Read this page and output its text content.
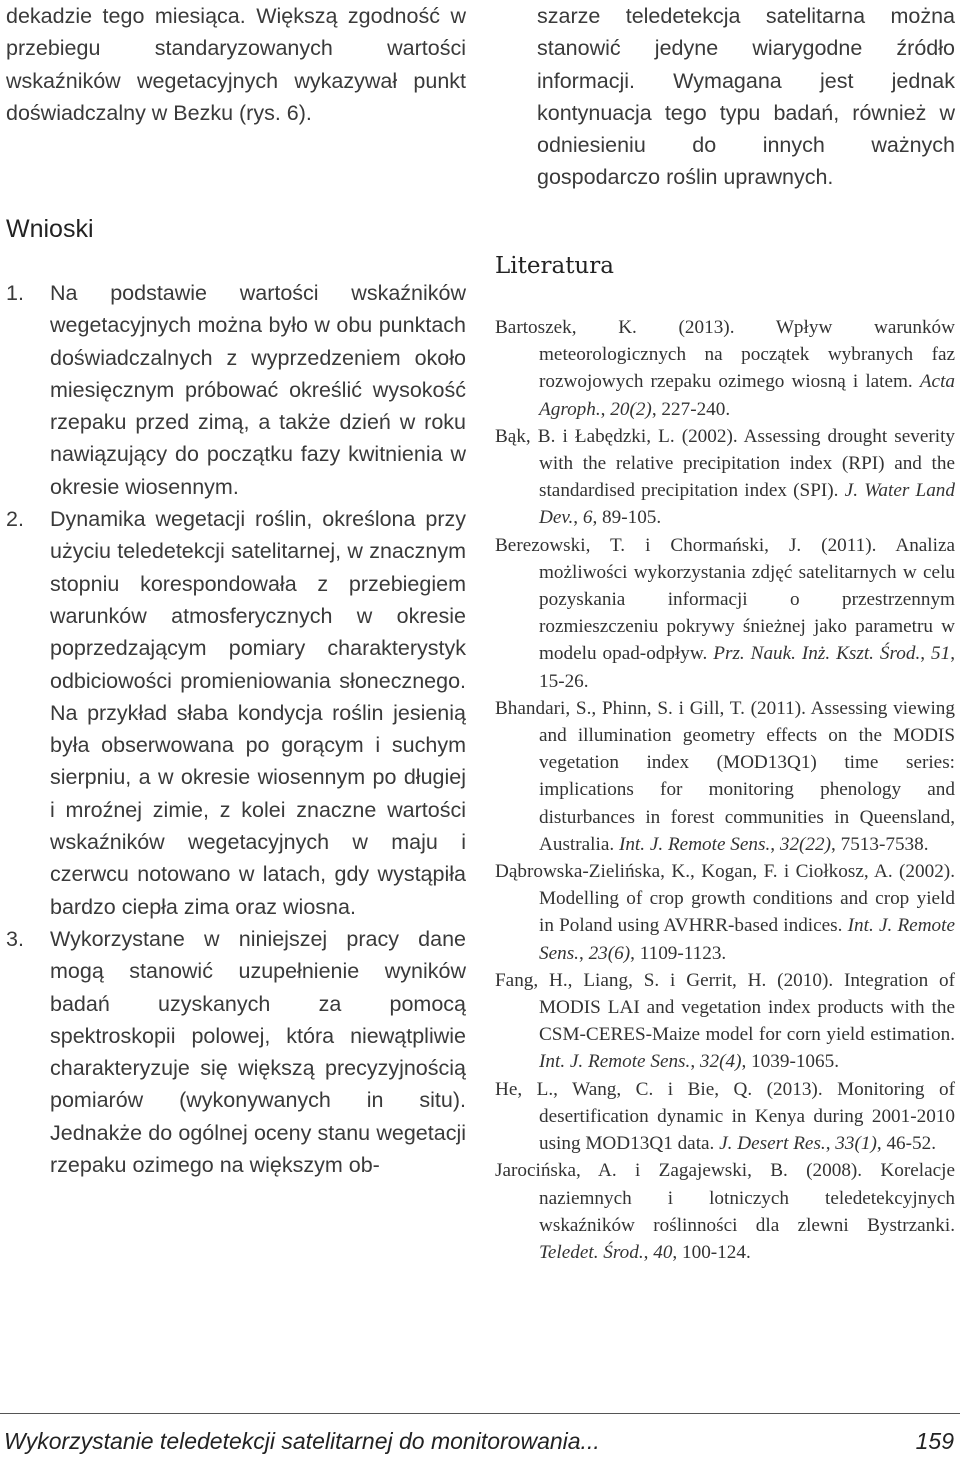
dekadzie tego miesiąca. Większą zgodność w przebiegu standaryzowanych wartości wskaźników wegetacyjnych wykazywał punkt doświadczalny w Bezku (rys. 6).

Wnioski
1. Na podstawie wartości wskaźników wegetacyjnych można było w obu punktach doświadczalnych z wyprzedzeniem około miesięcznym próbować określić wysokość rzepaku przed zimą, a także dzień w roku nawiązujący do początku fazy kwitnienia w okresie wiosennym.
2. Dynamika wegetacji roślin, określona przy użyciu teledetekcji satelitarnej, w znacznym stopniu korespondowała z przebiegiem warunków atmosferycznych w okresie poprzedzającym pomiary charakterystyk odbiciowości promieniowania słonecznego. Na przykład słaba kondycja roślin jesienią była obserwowana po gorącym i suchym sierpniu, a w okresie wiosennym po długiej i mroźnej zimie, z kolei znaczne wartości wskaźników wegetacyjnych w maju i czerwcu notowano w latach, gdy wystąpiła bardzo ciepła zima oraz wiosna.
3. Wykorzystane w niniejszej pracy dane mogą stanowić uzupełnienie wyników badań uzyskanych za pomocą spektroskopii polowej, która niewątpliwie charakteryzuje się większą precyzyjnością pomiarów (wykonywanych in situ). Jednakże do ogólnej oceny stanu wegetacji rzepaku ozimego na większym ob-

szarze teledetekcja satelitarna można stanowić jedyne wiarygodne źródło informacji. Wymagana jest jednak kontynuacja tego typu badań, również w odniesieniu do innych ważnych gospodarczo roślin uprawnych.

Literatura
Bartoszek, K. (2013). Wpływ warunków meteorologicznych na początek wybranych faz rozwojowych rzepaku ozimego wiosną i latem. Acta Agroph., 20(2), 227-240.
Bąk, B. i Łabędzki, L. (2002). Assessing drought severity with the relative precipitation index (RPI) and the standardised precipitation index (SPI). J. Water Land Dev., 6, 89-105.
Berezowski, T. i Chormański, J. (2011). Analiza możliwości wykorzystania zdjęć satelitarnych w celu pozyskania informacji o przestrzennym rozmieszczeniu pokrywy śnieżnej jako parametru w modelu opad-odpływ. Prz. Nauk. Inż. Kszt. Środ., 51, 15-26.
Bhandari, S., Phinn, S. i Gill, T. (2011). Assessing viewing and illumination geometry effects on the MODIS vegetation index (MOD13Q1) time series: implications for monitoring phenology and disturbances in forest communities in Queensland, Australia. Int. J. Remote Sens., 32(22), 7513-7538.
Dąbrowska-Zielińska, K., Kogan, F. i Ciołkosz, A. (2002). Modelling of crop growth conditions and crop yield in Poland using AVHRR-based indices. Int. J. Remote Sens., 23(6), 1109-1123.
Fang, H., Liang, S. i Gerrit, H. (2010). Integration of MODIS LAI and vegetation index products with the CSM-CERES-Maize model for corn yield estimation. Int. J. Remote Sens., 32(4), 1039-1065.
He, L., Wang, C. i Bie, Q. (2013). Monitoring of desertification dynamic in Kenya during 2001-2010 using MOD13Q1 data. J. Desert Res., 33(1), 46-52.
Jarocińska, A. i Zagajewski, B. (2008). Korelacje naziemnych i lotniczych teledetekcyjnych wskaźników roślinności dla zlewni Bystrzanki. Teledet. Środ., 40, 100-124.
Wykorzystanie teledetekcji satelitarnej do monitorowania...	159
